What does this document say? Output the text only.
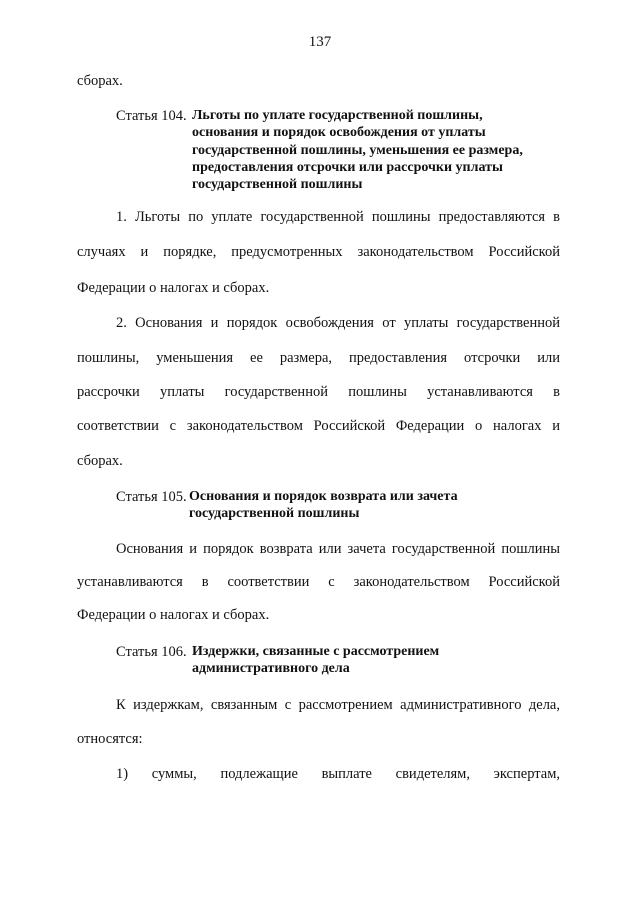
137
сборах.
Статья 104. Льготы по уплате государственной пошлины,
основания и порядок освобождения от уплаты
государственной пошлины, уменьшения ее размера,
предоставления отсрочки или рассрочки уплаты
государственной пошлины
1. Льготы по уплате государственной пошлины предоставляются в
случаях и порядке, предусмотренных законодательством Российской
Федерации о налогах и сборах.
2. Основания и порядок освобождения от уплаты государственной
пошлины, уменьшения ее размера, предоставления отсрочки или
рассрочки уплаты государственной пошлины устанавливаются в
соответствии с законодательством Российской Федерации о налогах и
сборах.
Статья 105. Основания и порядок возврата или зачета
государственной пошлины
Основания и порядок возврата или зачета государственной пошлины
устанавливаются в соответствии с законодательством Российской
Федерации о налогах и сборах.
Статья 106. Издержки, связанные с рассмотрением
административного дела
К издержкам, связанным с рассмотрением административного дела,
относятся:
1) суммы, подлежащие выплате свидетелям, экспертам,
